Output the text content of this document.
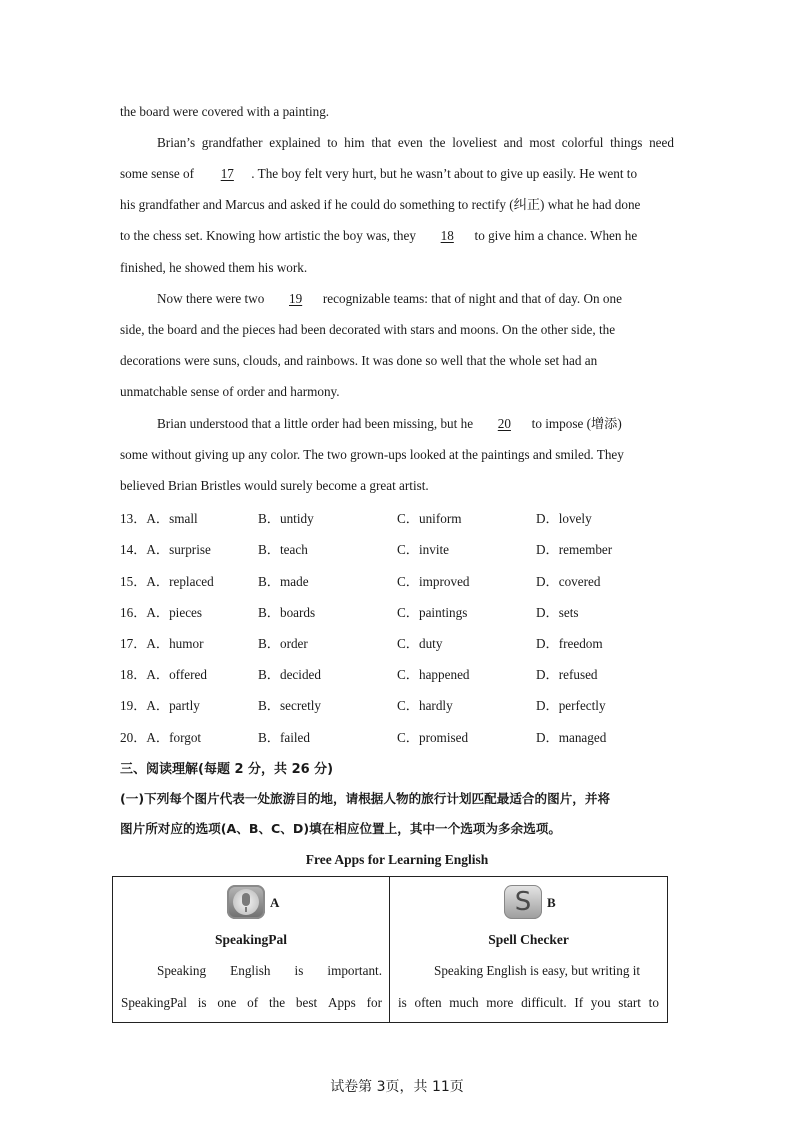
the board were covered with a painting.
Brian’s grandfather explained to him that even the loveliest and most colorful things need
some sense of 17 . The boy felt very hurt, but he wasn’t about to give up easily. He went to
his grandfather and Marcus and asked if he could do something to rectify (纠正) what he had done
to the chess set. Knowing how artistic the boy was, they 18 to give him a chance. When he
finished, he showed them his work.
Now there were two 19 recognizable teams: that of night and that of day. On one
side, the board and the pieces had been decorated with stars and moons. On the other side, the
decorations were suns, clouds, and rainbows. It was done so well that the whole set had an
unmatchable sense of order and harmony.
Brian understood that a little order had been missing, but he 20 to impose (增添)
some without giving up any color. The two grown-ups looked at the paintings and smiled. They
believed Brian Bristles would surely become a great artist.
13．A．small	B．untidy	C．uniform	D．lovely
14．A．surprise	B．teach	C．invite	D．remember
15．A．replaced	B．made	C．improved	D．covered
16．A．pieces	B．boards	C．paintings	D．sets
17．A．humor	B．order	C．duty	D．freedom
18．A．offered	B．decided	C．happened	D．refused
19．A．partly	B．secretly	C．hardly	D．perfectly
20．A．forgot	B．failed	C．promised	D．managed
三、阅读理解(每题 2 分，共 26 分)
(一)下列每个图片代表一处旅游目的地，请根据人物的旅行计划匹配最适合的图片，并将
图片所对应的选项(A、B、C、D)填在相应位置上，其中一个选项为多余选项。
Free Apps for Learning English
A
SpeakingPal
Speaking English is important.
SpeakingPal is one of the best Apps for
S	B
Spell Checker
Speaking English is easy, but writing it
is often much more difficult. If you start to
试卷第 3页，共 11页
